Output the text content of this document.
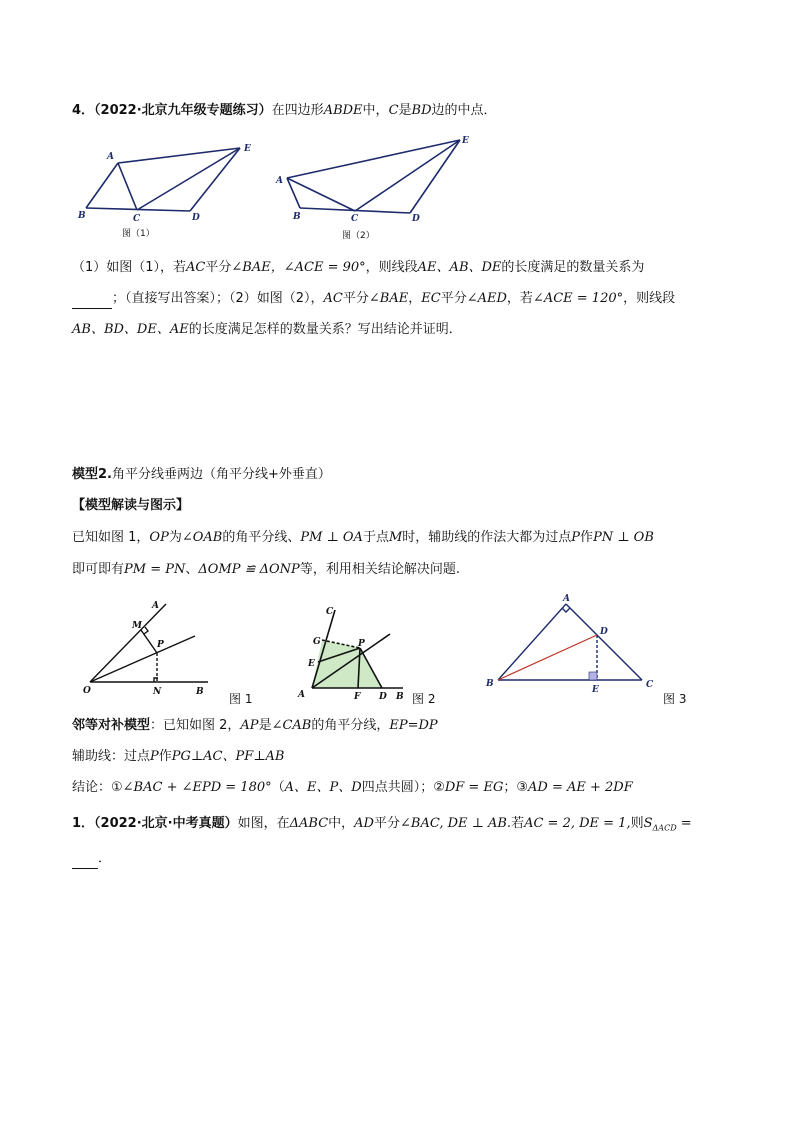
4．（2022·北京九年级专题练习）在四边形ABDE中，C是BD边的中点．
A
E
B	C	D
图（1）
A
E
B	C	D
图（2）
（1）如图（1），若AC平分∠BAE，∠ACE = 90°，则线段AE、AB、DE的长度满足的数量关系为
；（直接写出答案）；（2）如图（2），AC平分∠BAE，EC平分∠AED，若∠ACE = 120°，则线段
AB、BD、DE、AE的长度满足怎样的数量关系？写出结论并证明．
模型2.角平分线垂两边（角平分线+外垂直）
【模型解读与图示】
已知如图 1，OP为∠OAB的角平分线、PM ⊥ OA于点M时，辅助线的作法大都为过点P作PN ⊥ OB
即可即有PM = PN、ΔOMP ≌ ΔONP等，利用相关结论解决问题.
A
M
P
O	N	B
C
G	P
E
A	F D B
A
D
B
E	C
图 1	图 2	图 3
邻等对补模型：已知如图 2，AP是∠CAB的角平分线，EP=DP
辅助线：过点P作PG⊥AC、PF⊥AB
结论：①∠BAC + ∠EPD = 180°（A、E、P、D四点共圆）；②DF = EG；③AD = AE + 2DF
1．（2022·北京·中考真题）如图，在ΔABC中，AD平分∠BAC, DE ⊥ AB.若AC = 2, DE = 1,则$S_{\Delta ACD}$ =
．
